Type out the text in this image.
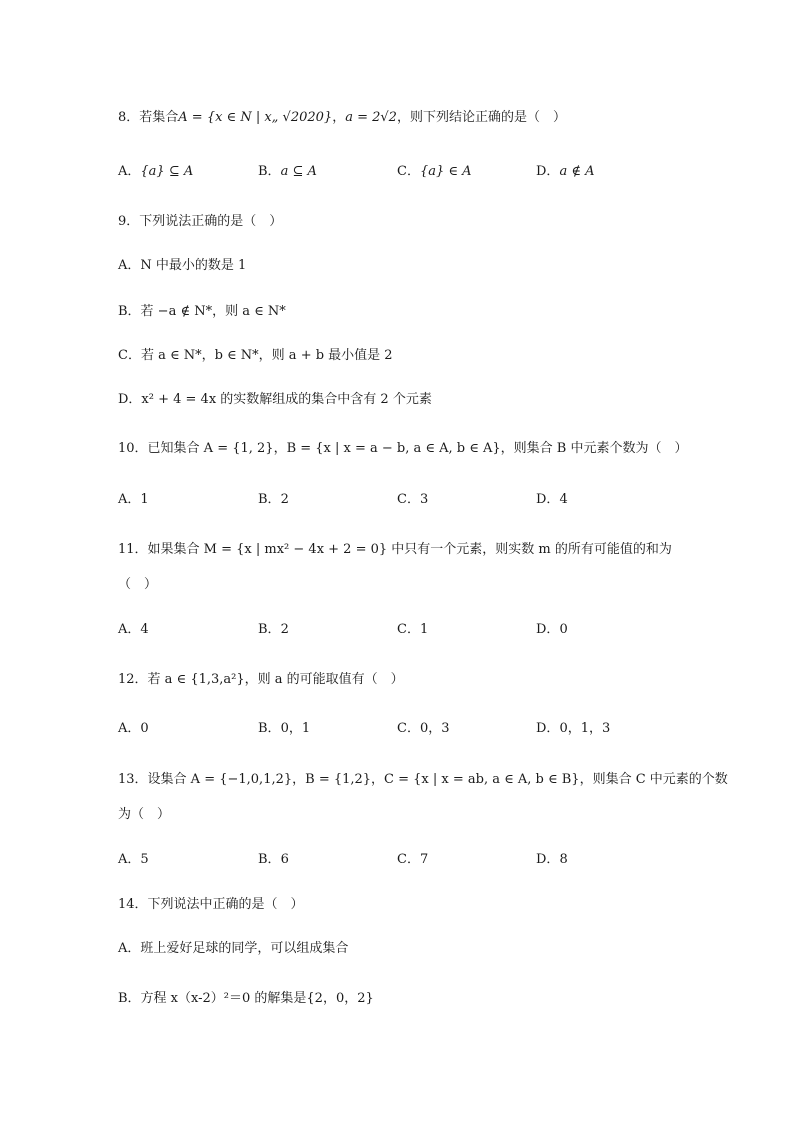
8．若集合A = {x ∈ N | x„ √2020}，a = 2√2，则下列结论正确的是（　）
A．{a} ⊆ A	B．a ⊆ A	C．{a} ∈ A	D．a ∉ A
9．下列说法正确的是（　）
A．N 中最小的数是 1
B．若 −a ∉ N*，则 a ∈ N*
C．若 a ∈ N*，b ∈ N*，则 a + b 最小值是 2
D．x² + 4 = 4x 的实数解组成的集合中含有 2 个元素
10．已知集合 A = {1, 2}，B = {x | x = a − b, a ∈ A, b ∈ A}，则集合 B 中元素个数为（　）
A．1	B．2	C．3	D．4
11．如果集合 M = {x | mx² − 4x + 2 = 0} 中只有一个元素，则实数 m 的所有可能值的和为
（　）
A．4	B．2	C．1	D．0
12．若 a ∈ {1,3,a²}，则 a 的可能取值有（　）
A．0	B．0，1	C．0，3	D．0，1，3
13．设集合 A = {−1,0,1,2}，B = {1,2}，C = {x | x = ab, a ∈ A, b ∈ B}，则集合 C 中元素的个数
为（　）
A．5	B．6	C．7	D．8
14．下列说法中正确的是（　）
A．班上爱好足球的同学，可以组成集合
B．方程 x（x-2）²＝0 的解集是{2，0，2}
